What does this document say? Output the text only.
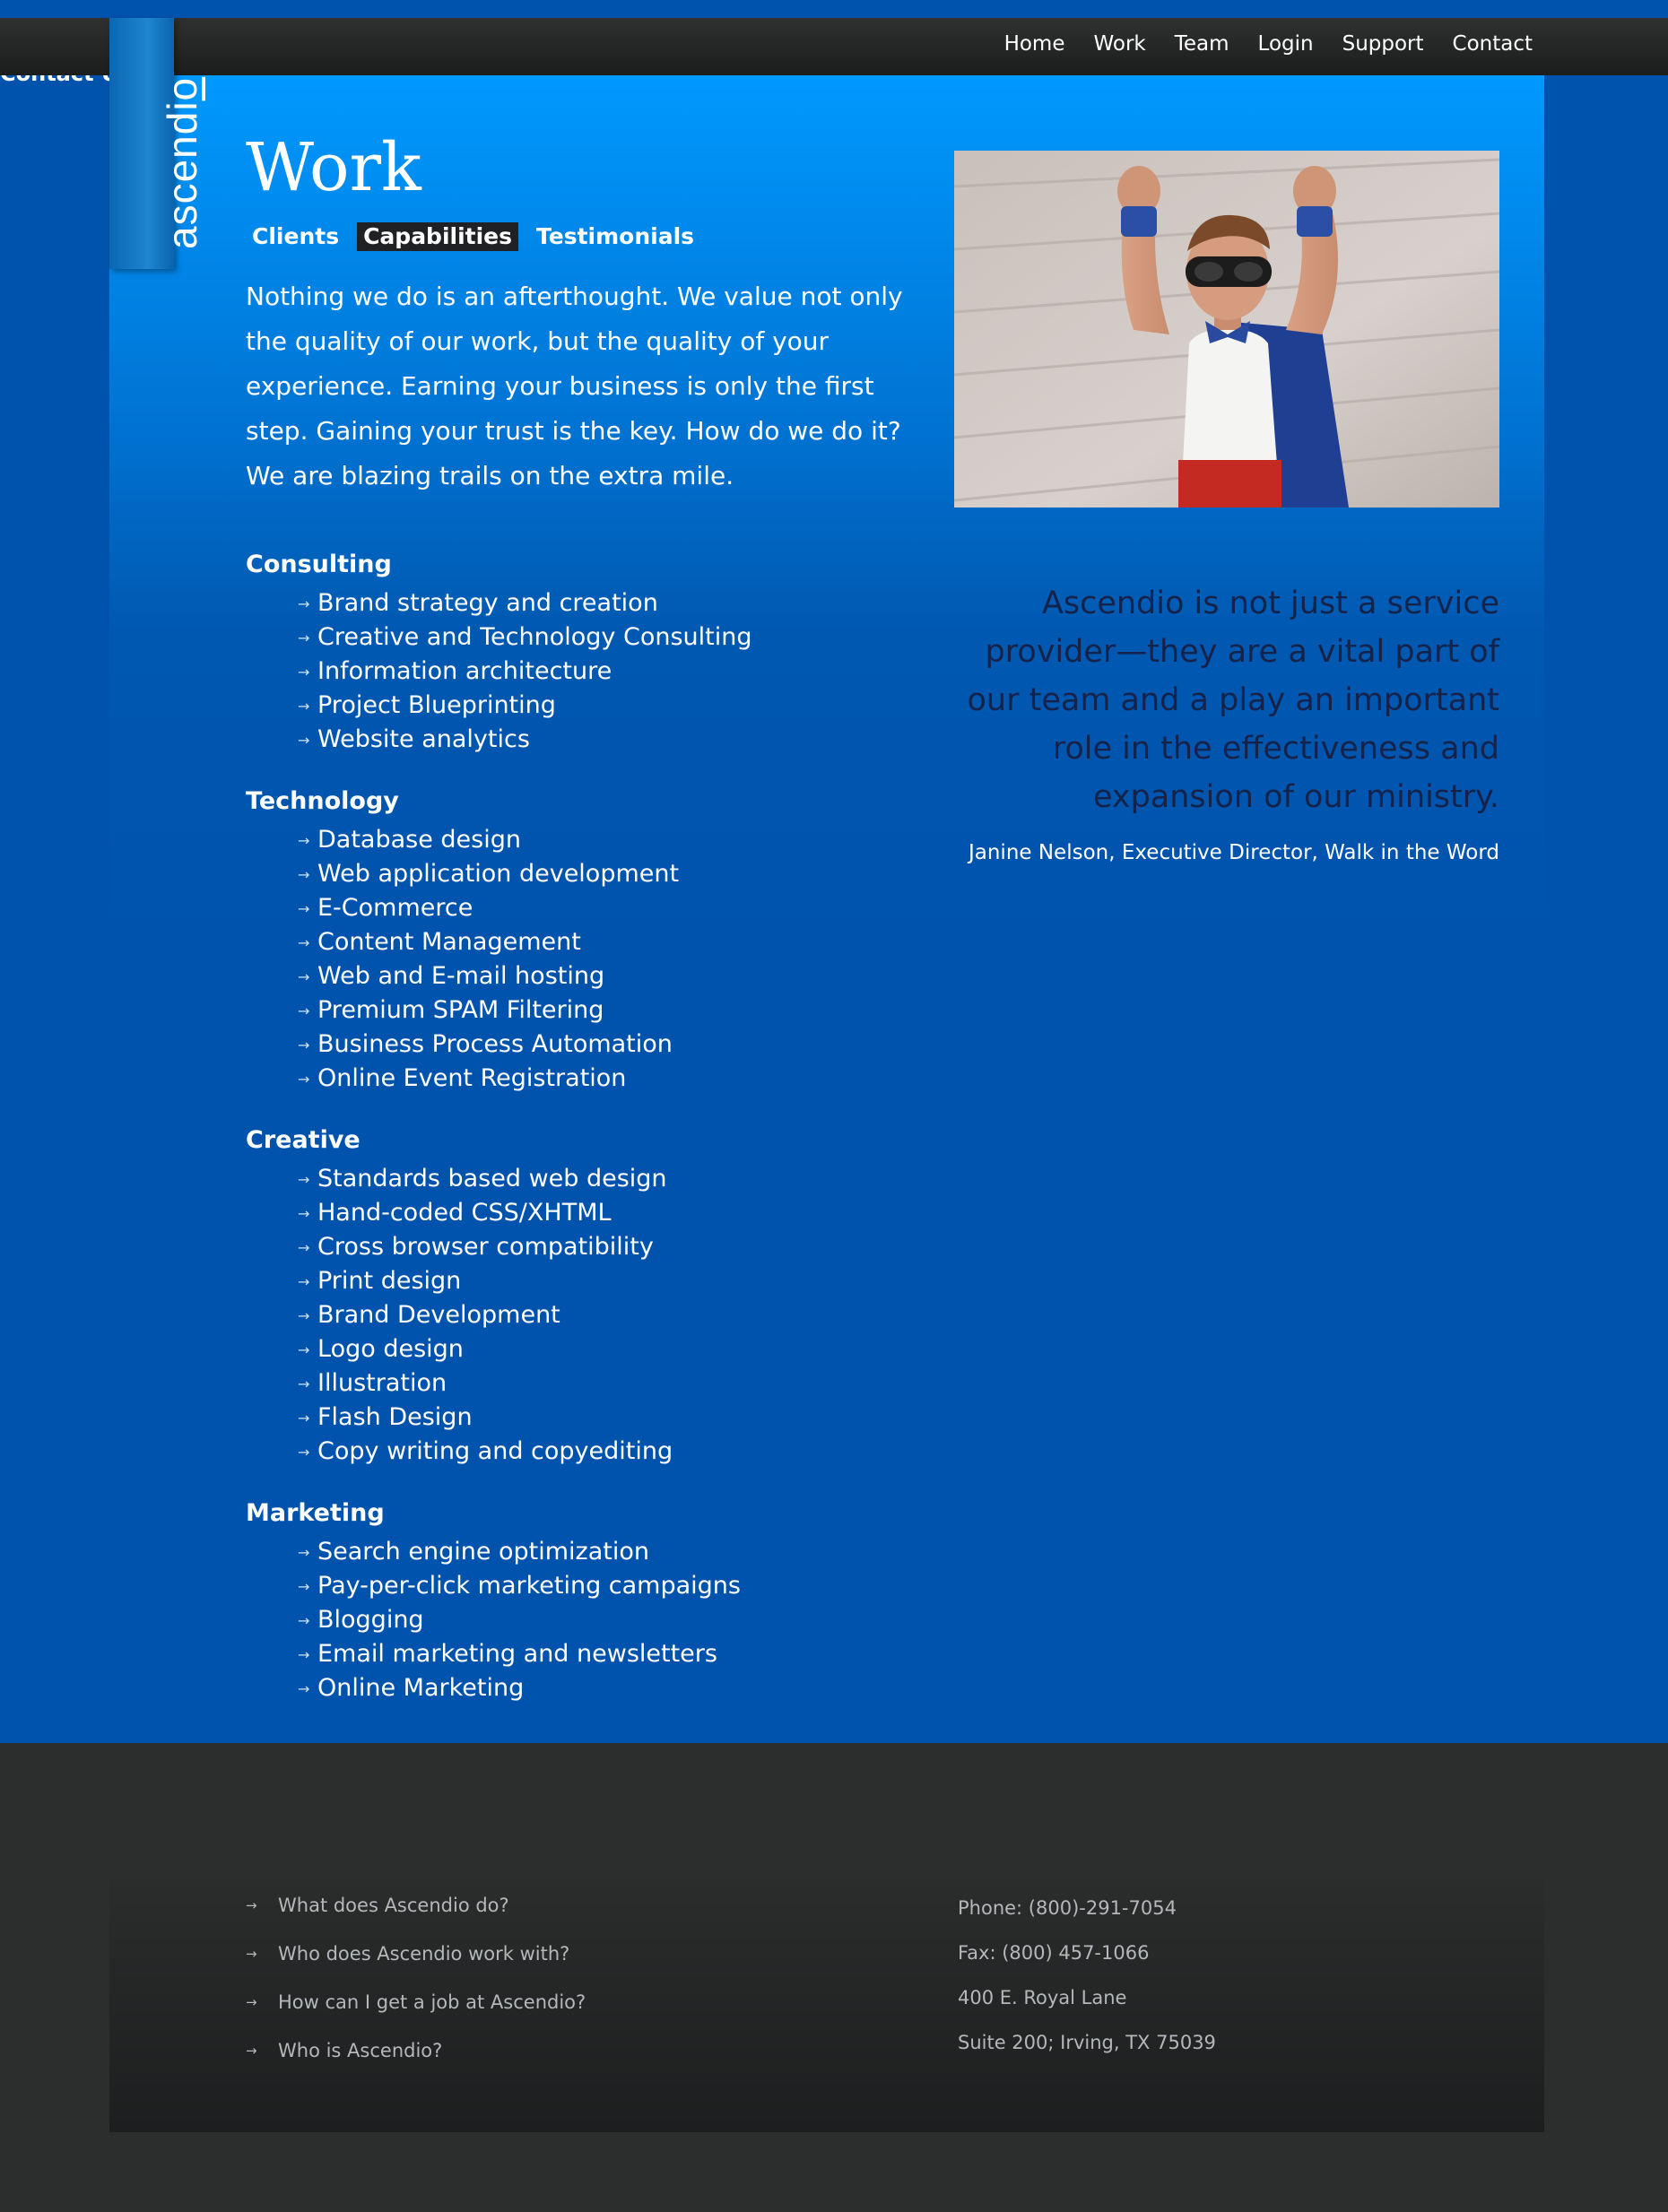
Home Work Team Login Support Contact
ascendio
Work
Clients Capabilities Testimonials

Nothing we do is an afterthought. We value not only the quality of our work, but the quality of your experience. Earning your business is only the first step. Gaining your trust is the key. How do we do it? We are blazing trails on the extra mile.

Consulting
→ Brand strategy and creation
→ Creative and Technology Consulting
→ Information architecture
→ Project Blueprinting
→ Website analytics
Technology
→ Database design
→ Web application development
→ E-Commerce
→ Content Management
→ Web and E-mail hosting
→ Premium SPAM Filtering
→ Business Process Automation
→ Online Event Registration
Creative
→ Standards based web design
→ Hand-coded CSS/XHTML
→ Cross browser compatibility
→ Print design
→ Brand Development
→ Logo design
→ Illustration
→ Flash Design
→ Copy writing and copyediting
Marketing
→ Search engine optimization
→ Pay-per-click marketing campaigns
→ Blogging
→ Email marketing and newsletters
→ Online Marketing

Ascendio is not just a service provider—they are a vital part of our team and a play an important role in the effectiveness and expansion of our ministry.

Janine Nelson, Executive Director, Walk in the Word
→ What does Ascendio do?
→ Who does Ascendio work with?
→ How can I get a job at Ascendio?
→ Who is Ascendio?
Phone: (800)-291-7054
Fax: (800) 457-1066
400 E. Royal Lane
Suite 200; Irving, TX 75039
